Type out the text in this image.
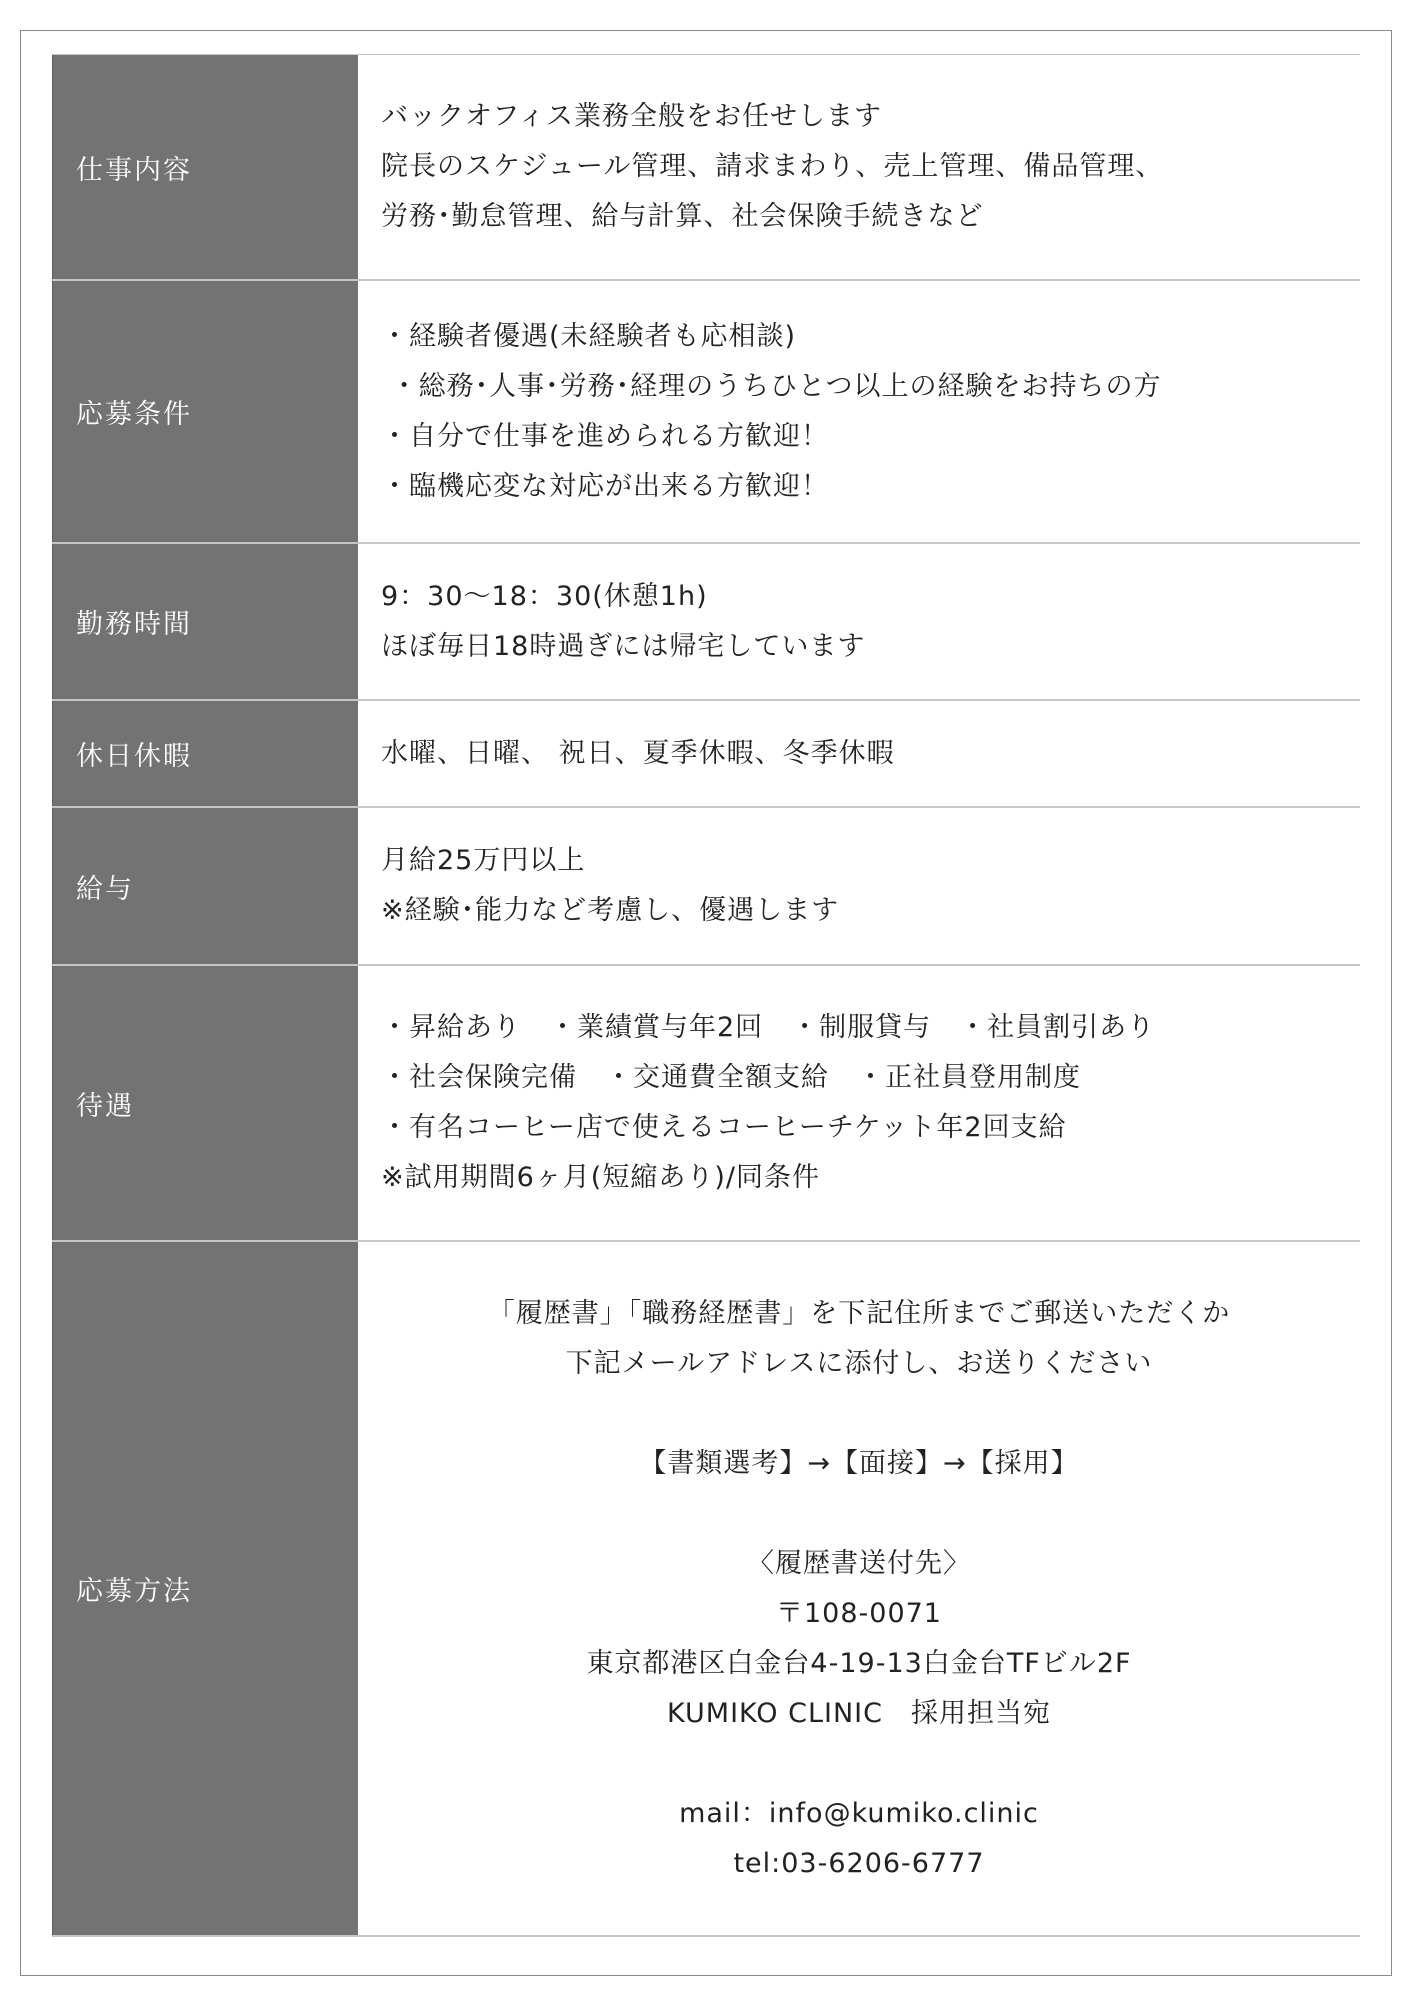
仕事内容
バックオフィス業務全般をお任せします
院長のスケジュール管理、請求まわり、売上管理、備品管理、
労務･勤怠管理、給与計算、社会保険手続きなど
応募条件
・経験者優遇(未経験者も応相談)
・総務･人事･労務･経理のうちひとつ以上の経験をお持ちの方
・自分で仕事を進められる方歓迎！
・臨機応変な対応が出来る方歓迎！
勤務時間
9：30～18：30(休憩1h)
ほぼ毎日18時過ぎには帰宅しています
休日休暇	水曜、日曜、 祝日、夏季休暇、冬季休暇
給与
月給25万円以上
※経験･能力など考慮し、優遇します
待遇
・昇給あり　・業績賞与年2回　・制服貸与　・社員割引あり
・社会保険完備　・交通費全額支給　・正社員登用制度
・有名コーヒー店で使えるコーヒーチケット年2回支給
※試用期間6ヶ月(短縮あり)/同条件
応募方法
「履歴書」「職務経歴書」を下記住所までご郵送いただくか
下記メールアドレスに添付し、お送りください
【書類選考】→【面接】→【採用】
〈履歴書送付先〉
〒108-0071
東京都港区白金台4-19-13白金台TFビル2F
KUMIKO CLINIC　採用担当宛
mail：info@kumiko.clinic
tel:03-6206-6777
